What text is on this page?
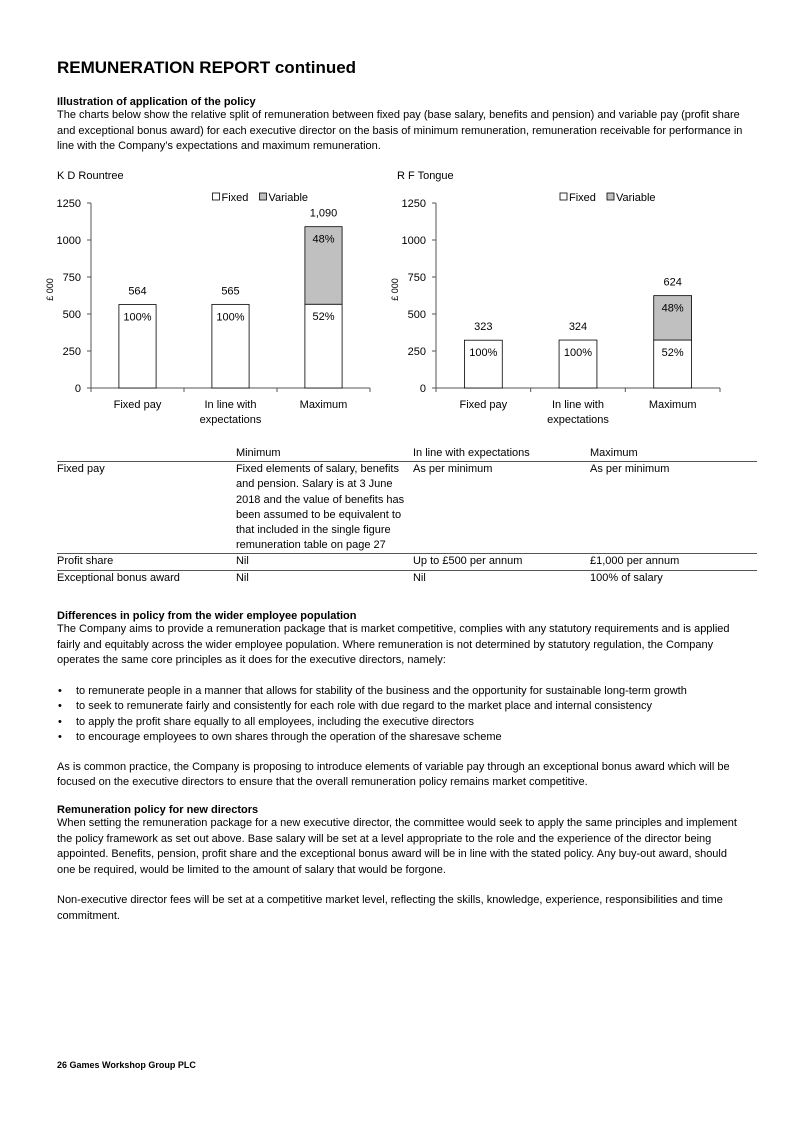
REMUNERATION REPORT continued

Illustration of application of the policy

The charts below show the relative split of remuneration between fixed pay (base salary, benefits and pension) and variable pay (profit share and exceptional bonus award) for each executive director on the basis of minimum remuneration, remuneration receivable for performance in line with the Company’s expectations and maximum remuneration.

K D Rountree	R F Tongue
0
250
500
750
1000
1250
£ 000
100%
564
Fixed pay
100%
565
In line with
expectations
52%
48%
1,090
Maximum
Fixed Variable
0
250
500
750
1000
1250
£ 000
100%
323
Fixed pay
100%
324
In line with
expectations
52%
48%
624
Maximum
Fixed Variable
	Minimum	In line with expectations	Maximum
Fixed pay	Fixed elements of salary, benefits and pension. Salary is at 3 June 2018 and the value of benefits has been assumed to be equivalent to that included in the single figure remuneration table on page 27	As per minimum	As per minimum
Profit share	Nil	Up to £500 per annum	£1,000 per annum
Exceptional bonus award	Nil	Nil	100% of salary

Differences in policy from the wider employee population

The Company aims to provide a remuneration package that is market competitive, complies with any statutory requirements and is applied fairly and equitably across the wider employee population. Where remuneration is not determined by statutory regulation, the Company operates the same core principles as it does for the executive directors, namely:

• to remunerate people in a manner that allows for stability of the business and the opportunity for sustainable long-term growth
• to seek to remunerate fairly and consistently for each role with due regard to the market place and internal consistency
• to apply the profit share equally to all employees, including the executive directors
• to encourage employees to own shares through the operation of the sharesave scheme

As is common practice, the Company is proposing to introduce elements of variable pay through an exceptional bonus award which will be focused on the executive directors to ensure that the overall remuneration policy remains market competitive.

Remuneration policy for new directors

When setting the remuneration package for a new executive director, the committee would seek to apply the same principles and implement the policy framework as set out above. Base salary will be set at a level appropriate to the role and the experience of the director being appointed. Benefits, pension, profit share and the exceptional bonus award will be in line with the stated policy. Any buy-out award, should one be required, would be limited to the amount of salary that would be forgone.

Non-executive director fees will be set at a competitive market level, reflecting the skills, knowledge, experience, responsibilities and time commitment.

26 Games Workshop Group PLC
